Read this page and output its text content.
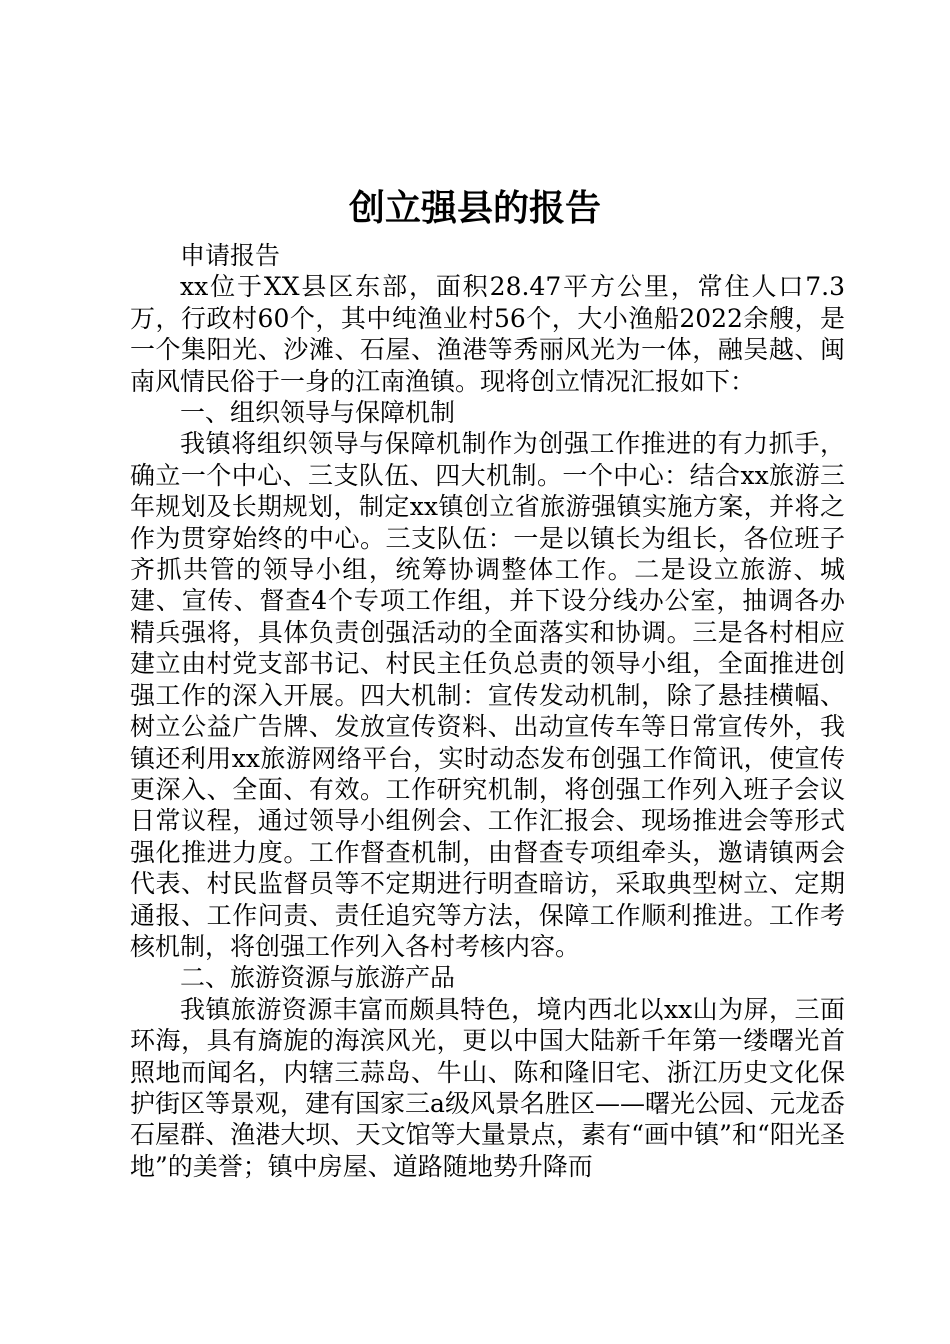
创立强县的报告

申请报告

xx位于XX县区东部，面积28.47平方公里，常住人口7.3万，行政村60个，其中纯渔业村56个，大小渔船2022余艘，是一个集阳光、沙滩、石屋、渔港等秀丽风光为一体，融吴越、闽南风情民俗于一身的江南渔镇。现将创立情况汇报如下：

一、组织领导与保障机制

我镇将组织领导与保障机制作为创强工作推进的有力抓手，确立一个中心、三支队伍、四大机制。一个中心：结合xx旅游三年规划及长期规划，制定xx镇创立省旅游强镇实施方案，并将之作为贯穿始终的中心。三支队伍：一是以镇长为组长，各位班子齐抓共管的领导小组，统筹协调整体工作。二是设立旅游、城建、宣传、督查4个专项工作组，并下设分线办公室，抽调各办精兵强将，具体负责创强活动的全面落实和协调。三是各村相应建立由村党支部书记、村民主任负总责的领导小组，全面推进创强工作的深入开展。四大机制：宣传发动机制，除了悬挂横幅、树立公益广告牌、发放宣传资料、出动宣传车等日常宣传外，我镇还利用xx旅游网络平台，实时动态发布创强工作简讯，使宣传更深入、全面、有效。工作研究机制，将创强工作列入班子会议日常议程，通过领导小组例会、工作汇报会、现场推进会等形式强化推进力度。工作督查机制，由督查专项组牵头，邀请镇两会代表、村民监督员等不定期进行明查暗访，采取典型树立、定期通报、工作问责、责任追究等方法，保障工作顺利推进。工作考核机制，将创强工作列入各村考核内容。

二、旅游资源与旅游产品

我镇旅游资源丰富而颇具特色，境内西北以xx山为屏，三面环海，具有旖旎的海滨风光，更以中国大陆新千年第一缕曙光首照地而闻名，内辖三蒜岛、牛山、陈和隆旧宅、浙江历史文化保护街区等景观，建有国家三a级风景名胜区——曙光公园、元龙岙石屋群、渔港大坝、天文馆等大量景点，素有“画中镇”和“阳光圣地”的美誉；镇中房屋、道路随地势升降而
